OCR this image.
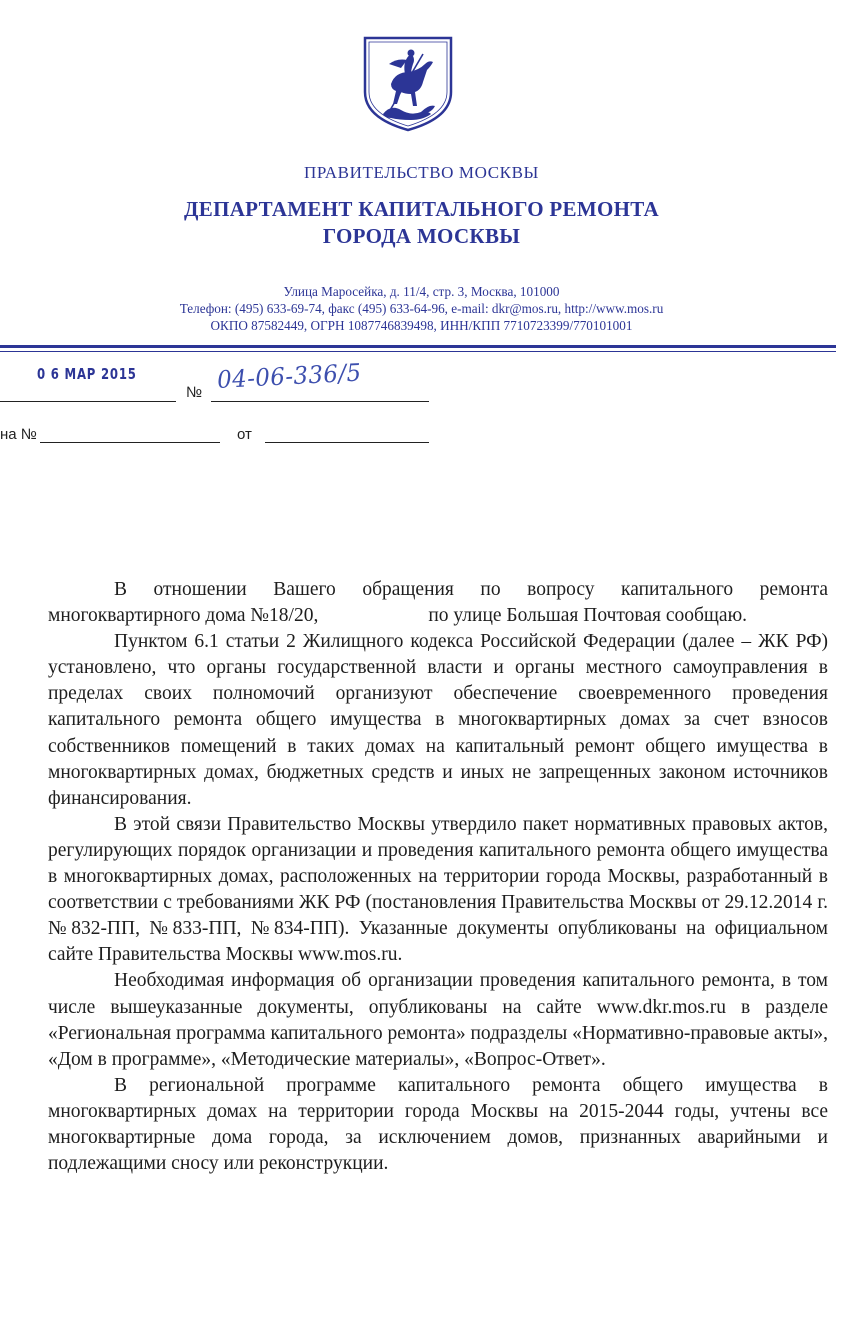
ПРАВИТЕЛЬСТВО МОСКВЫ
ДЕПАРТАМЕНТ КАПИТАЛЬНОГО РЕМОНТА
ГОРОДА МОСКВЫ
Улица Маросейка, д. 11/4, стр. 3, Москва, 101000
Телефон: (495) 633-69-74, факс (495) 633-64-96, e-mail: dkr@mos.ru, http://www.mos.ru
ОКПО 87582449, ОГРН 1087746839498, ИНН/КПП 7710723399/770101001
0 6 MAP 2015
№ 04-06-336/5
на №	от

В отношении Вашего обращения по вопросу капитального ремонта многоквартирного дома №18/20,	по улице Большая Почтовая сообщаю.

Пунктом 6.1 статьи 2 Жилищного кодекса Российской Федерации (далее – ЖК РФ) установлено, что органы государственной власти и органы местного самоуправления в пределах своих полномочий организуют обеспечение своевременного проведения капитального ремонта общего имущества в многоквартирных домах за счет взносов собственников помещений в таких домах на капитальный ремонт общего имущества в многоквартирных домах, бюджетных средств и иных не запрещенных законом источников финансирования.

В этой связи Правительство Москвы утвердило пакет нормативных правовых актов, регулирующих порядок организации и проведения капитального ремонта общего имущества в многоквартирных домах, расположенных на территории города Москвы, разработанный в соответствии с требованиями ЖК РФ (постановления Правительства Москвы от 29.12.2014 г. №832-ПП, №833-ПП, №834-ПП). Указанные документы опубликованы на официальном сайте Правительства Москвы www.mos.ru.

Необходимая информация об организации проведения капитального ремонта, в том числе вышеуказанные документы, опубликованы на сайте www.dkr.mos.ru в разделе «Региональная программа капитального ремонта» подразделы «Нормативно-правовые акты», «Дом в программе», «Методические материалы», «Вопрос-Ответ».

В региональной программе капитального ремонта общего имущества в многоквартирных домах на территории города Москвы на 2015-2044 годы, учтены все многоквартирные дома города, за исключением домов, признанных аварийными и подлежащими сносу или реконструкции.
